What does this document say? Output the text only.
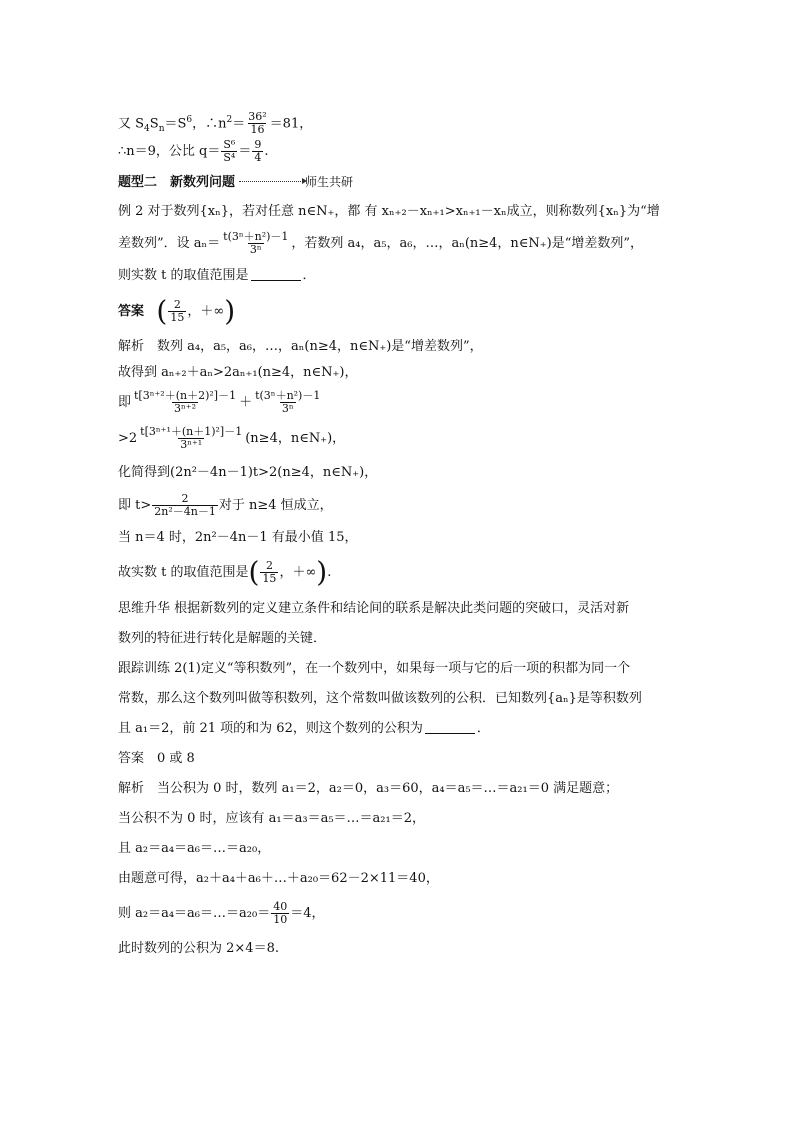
又 $S_4S_n=S^6$，$\therefore n^2= \frac{\text{36²}}{16} =81$，
∴n＝9，公比 $q= \frac{\text{S⁶}}{\text{S⁴}} = \frac{9}{4}$ .
题型二　新数列问题	师生共研
例 2 对于数列{xₙ}，若对任意 n∈N₊，都 有 xₙ₊₂－xₙ₊₁>xₙ₊₁－xₙ成立，则称数列{xₙ}为“增
差数列”．设 $a_n= \frac{\text{t(3ⁿ＋n²)－1}}{\text{3ⁿ}}$ ，若数列 a₄，a₅，a₆，…，aₙ(n≥4，n∈N₊)是“增差数列”，
则实数 t 的取值范围是	．
答案 ( $\frac{2}{15}$ ，＋∞)
解析　数列 a₄，a₅，a₆，…，aₙ(n≥4，n∈N₊)是“增差数列”，
故得到 aₙ₊₂＋aₙ>2aₙ₊₁(n≥4，n∈N₊)，
即 $\frac{\text{t[3ⁿ⁺²＋(n＋2)²]－1}}{\text{3ⁿ⁺²}} + \frac{\text{t(3ⁿ＋n²)－1}}{\text{3ⁿ}}$
$>2 \frac{\text{t[3ⁿ⁺¹＋(n＋1)²]－1}}{\text{3ⁿ⁺¹}} (n\ge 4$，n∈N₊)，
化简得到(2n²－4n－1)t>2(n≥4，n∈N₊)，
即 $t> \frac{2}{\text{2n²－4n－1}}$ 对于 n≥4 恒成立，
当 n＝4 时，2n²－4n－1 有最小值 15，
故实数 t 的取值范围是( $\frac{2}{15}$ ，＋∞).
思维升华 根据新数列的定义建立条件和结论间的联系是解决此类问题的突破口，灵活对新
数列的特征进行转化是解题的关键．
跟踪训练 2(1)定义“等积数列”，在一个数列中，如果每一项与它的后一项的积都为同一个
常数，那么这个数列叫做等积数列，这个常数叫做该数列的公积．已知数列{aₙ}是等积数列
且 a₁＝2，前 21 项的和为 62，则这个数列的公积为	．
答案　0 或 8
解析　当公积为 0 时，数列 a₁＝2，a₂＝0，a₃＝60，a₄＝a₅＝…＝a₂₁＝0 满足题意；
当公积不为 0 时，应该有 a₁＝a₃＝a₅＝…＝a₂₁＝2，
且 a₂＝a₄＝a₆＝…＝a₂₀，
由题意可得，a₂＋a₄＋a₆＋…＋a₂₀＝62－2×11＝40，
则 a₂＝a₄＝a₆＝…＝a₂₀＝ $\frac{40}{10} =4$，
此时数列的公积为 2×4＝8.
